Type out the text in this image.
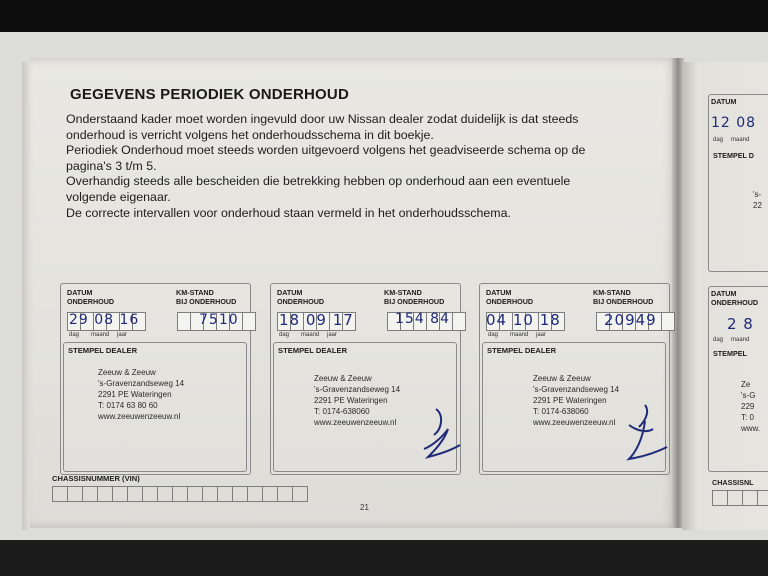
GEGEVENS PERIODIEK ONDERHOUD

Onderstaand kader moet worden ingevuld door uw Nissan dealer zodat duidelijk is dat steeds

onderhoud is verricht volgens het onderhoudsschema in dit boekje.

Periodiek Onderhoud moet steeds worden uitgevoerd volgens het geadviseerde schema op de

pagina's 3 t/m 5.

Overhandig steeds alle bescheiden die betrekking hebben op onderhoud aan een eventuele

volgende eigenaar.

De correcte intervallen voor onderhoud staan vermeld in het onderhoudsschema.

DATUM
ONDERHOUD
KM-STAND
BIJ ONDERHOUD
29 08 16	7510
dag maand jaar
STEMPEL DEALER
Zeeuw & Zeeuw
's-Gravenzandseweg 14
2291 PE Wateringen
T: 0174 63 80 60
www.zeeuwenzeeuw.nl
DATUM
ONDERHOUD
KM-STAND
BIJ ONDERHOUD
18 09 17	154 84
dag maand jaar
STEMPEL DEALER
Zeeuw & Zeeuw
's-Gravenzandseweg 14
2291 PE Wateringen
T: 0174-638060
www.zeeuwenzeeuw.nl
DATUM
ONDERHOUD
KM-STAND
BIJ ONDERHOUD
04 10 18	20949
dag maand jaar
STEMPEL DEALER
Zeeuw & Zeeuw
's-Gravenzandseweg 14
2291 PE Wateringen
T: 0174-638060
www.zeeuwenzeeuw.nl
CHASSISNUMMER (VIN)
21
DATUM
12 08
dag maand
STEMPEL D
's-
22
DATUM
ONDERHOUD
2 8
dag maand
STEMPEL
Ze
's-G
229
T: 0
www.
CHASSISNL
